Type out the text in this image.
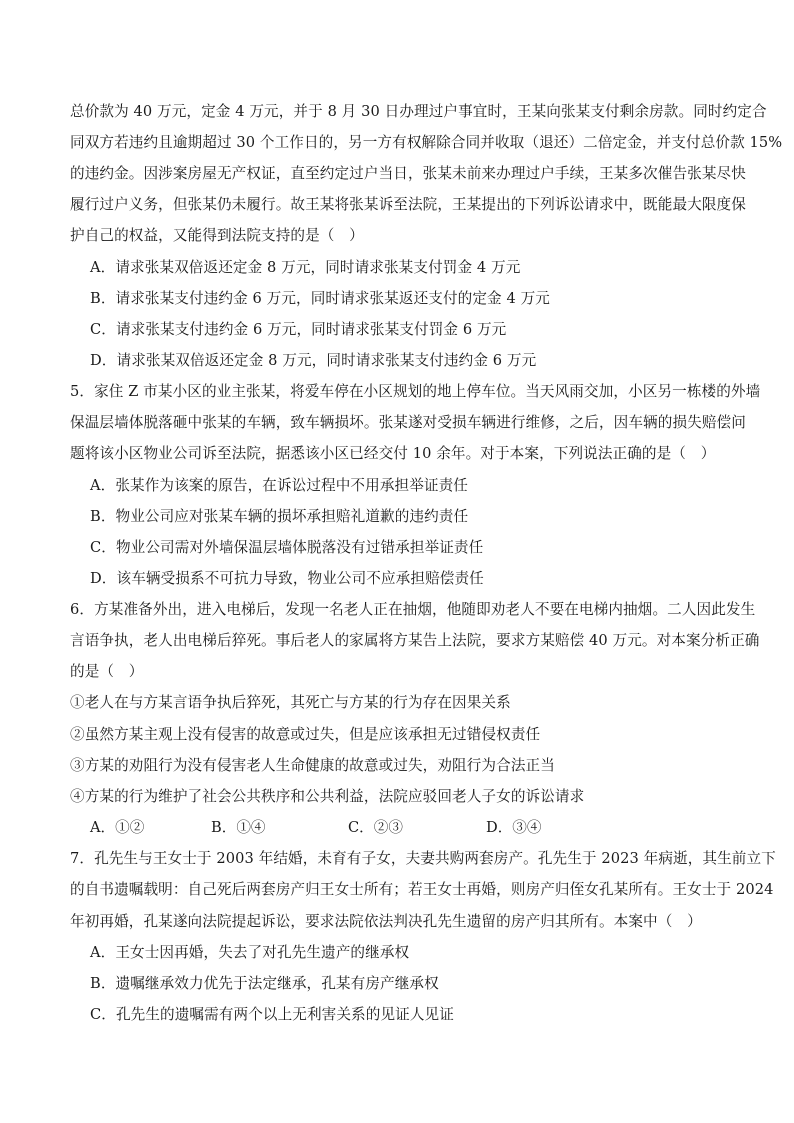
总价款为 40 万元，定金 4 万元，并于 8 月 30 日办理过户事宜时，王某向张某支付剩余房款。同时约定合
同双方若违约且逾期超过 30 个工作日的，另一方有权解除合同并收取（退还）二倍定金，并支付总价款 15%
的违约金。因涉案房屋无产权证，直至约定过户当日，张某未前来办理过户手续，王某多次催告张某尽快
履行过户义务，但张某仍未履行。故王某将张某诉至法院，王某提出的下列诉讼请求中，既能最大限度保
护自己的权益，又能得到法院支持的是（　）
A．请求张某双倍返还定金 8 万元，同时请求张某支付罚金 4 万元
B．请求张某支付违约金 6 万元，同时请求张某返还支付的定金 4 万元
C．请求张某支付违约金 6 万元，同时请求张某支付罚金 6 万元
D．请求张某双倍返还定金 8 万元，同时请求张某支付违约金 6 万元
5．家住 Z 市某小区的业主张某，将爱车停在小区规划的地上停车位。当天风雨交加，小区另一栋楼的外墙
保温层墙体脱落砸中张某的车辆，致车辆损坏。张某遂对受损车辆进行维修，之后，因车辆的损失赔偿问
题将该小区物业公司诉至法院，据悉该小区已经交付 10 余年。对于本案，下列说法正确的是（　）
A．张某作为该案的原告，在诉讼过程中不用承担举证责任
B．物业公司应对张某车辆的损坏承担赔礼道歉的违约责任
C．物业公司需对外墙保温层墙体脱落没有过错承担举证责任
D．该车辆受损系不可抗力导致，物业公司不应承担赔偿责任
6．方某准备外出，进入电梯后，发现一名老人正在抽烟，他随即劝老人不要在电梯内抽烟。二人因此发生
言语争执，老人出电梯后猝死。事后老人的家属将方某告上法院，要求方某赔偿 40 万元。对本案分析正确
的是（　）
①老人在与方某言语争执后猝死，其死亡与方某的行为存在因果关系
②虽然方某主观上没有侵害的故意或过失，但是应该承担无过错侵权责任
③方某的劝阻行为没有侵害老人生命健康的故意或过失，劝阻行为合法正当
④方某的行为维护了社会公共秩序和公共利益，法院应驳回老人子女的诉讼请求
A．①②	B．①④	C．②③	D．③④
7．孔先生与王女士于 2003 年结婚，未育有子女，夫妻共购两套房产。孔先生于 2023 年病逝，其生前立下
的自书遗嘱载明：自己死后两套房产归王女士所有；若王女士再婚，则房产归侄女孔某所有。王女士于 2024
年初再婚，孔某遂向法院提起诉讼，要求法院依法判决孔先生遗留的房产归其所有。本案中（　）
A．王女士因再婚，失去了对孔先生遗产的继承权
B．遗嘱继承效力优先于法定继承，孔某有房产继承权
C．孔先生的遗嘱需有两个以上无利害关系的见证人见证
